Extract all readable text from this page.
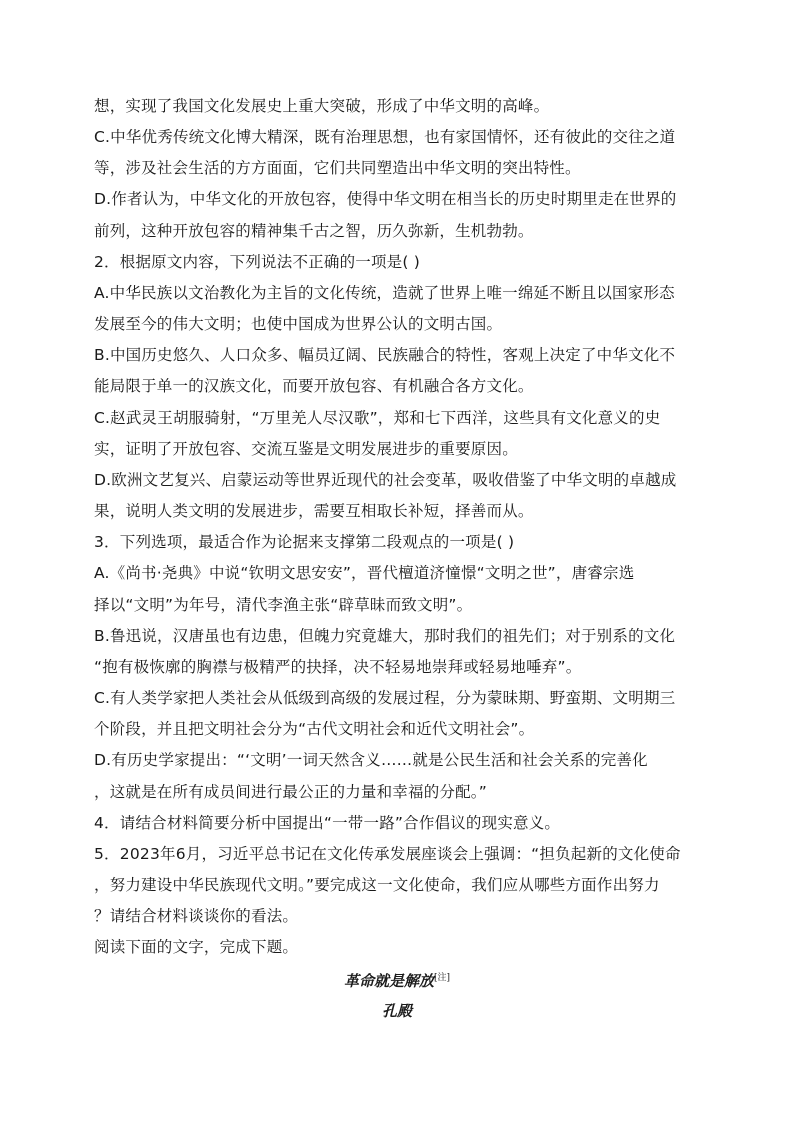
想，实现了我国文化发展史上重大突破，形成了中华文明的高峰。
C.中华优秀传统文化博大精深，既有治理思想，也有家国情怀，还有彼此的交往之道
等，涉及社会生活的方方面面，它们共同塑造出中华文明的突出特性。
D.作者认为，中华文化的开放包容，使得中华文明在相当长的历史时期里走在世界的
前列，这种开放包容的精神集千古之智，历久弥新，生机勃勃。
2．根据原文内容，下列说法不正确的一项是( )
A.中华民族以文治教化为主旨的文化传统，造就了世界上唯一绵延不断且以国家形态
发展至今的伟大文明；也使中国成为世界公认的文明古国。
B.中国历史悠久、人口众多、幅员辽阔、民族融合的特性，客观上决定了中华文化不
能局限于单一的汉族文化，而要开放包容、有机融合各方文化。
C.赵武灵王胡服骑射，“万里羌人尽汉歌”，郑和七下西洋，这些具有文化意义的史
实，证明了开放包容、交流互鉴是文明发展进步的重要原因。
D.欧洲文艺复兴、启蒙运动等世界近现代的社会变革，吸收借鉴了中华文明的卓越成
果，说明人类文明的发展进步，需要互相取长补短，择善而从。
3．下列选项，最适合作为论据来支撑第二段观点的一项是( )
A.《尚书·尧典》中说“钦明文思安安”，晋代檀道济憧憬“文明之世”，唐睿宗选
择以“文明”为年号，清代李渔主张“辟草昧而致文明”。
B.鲁迅说，汉唐虽也有边患，但魄力究竟雄大，那时我们的祖先们；对于别系的文化
“抱有极恢廓的胸襟与极精严的抉择，决不轻易地崇拜或轻易地唾弃”。
C.有人类学家把人类社会从低级到高级的发展过程，分为蒙昧期、野蛮期、文明期三
个阶段，并且把文明社会分为“古代文明社会和近代文明社会”。
D.有历史学家提出：“‘文明’一词天然含义……就是公民生活和社会关系的完善化
，这就是在所有成员间进行最公正的力量和幸福的分配。”
4．请结合材料简要分析中国提出“一带一路”合作倡议的现实意义。
5．2023年6月，习近平总书记在文化传承发展座谈会上强调：“担负起新的文化使命
，努力建设中华民族现代文明。”要完成这一文化使命，我们应从哪些方面作出努力
？请结合材料谈谈你的看法。
阅读下面的文字，完成下题。
革命就是解放[注]
孔殿
